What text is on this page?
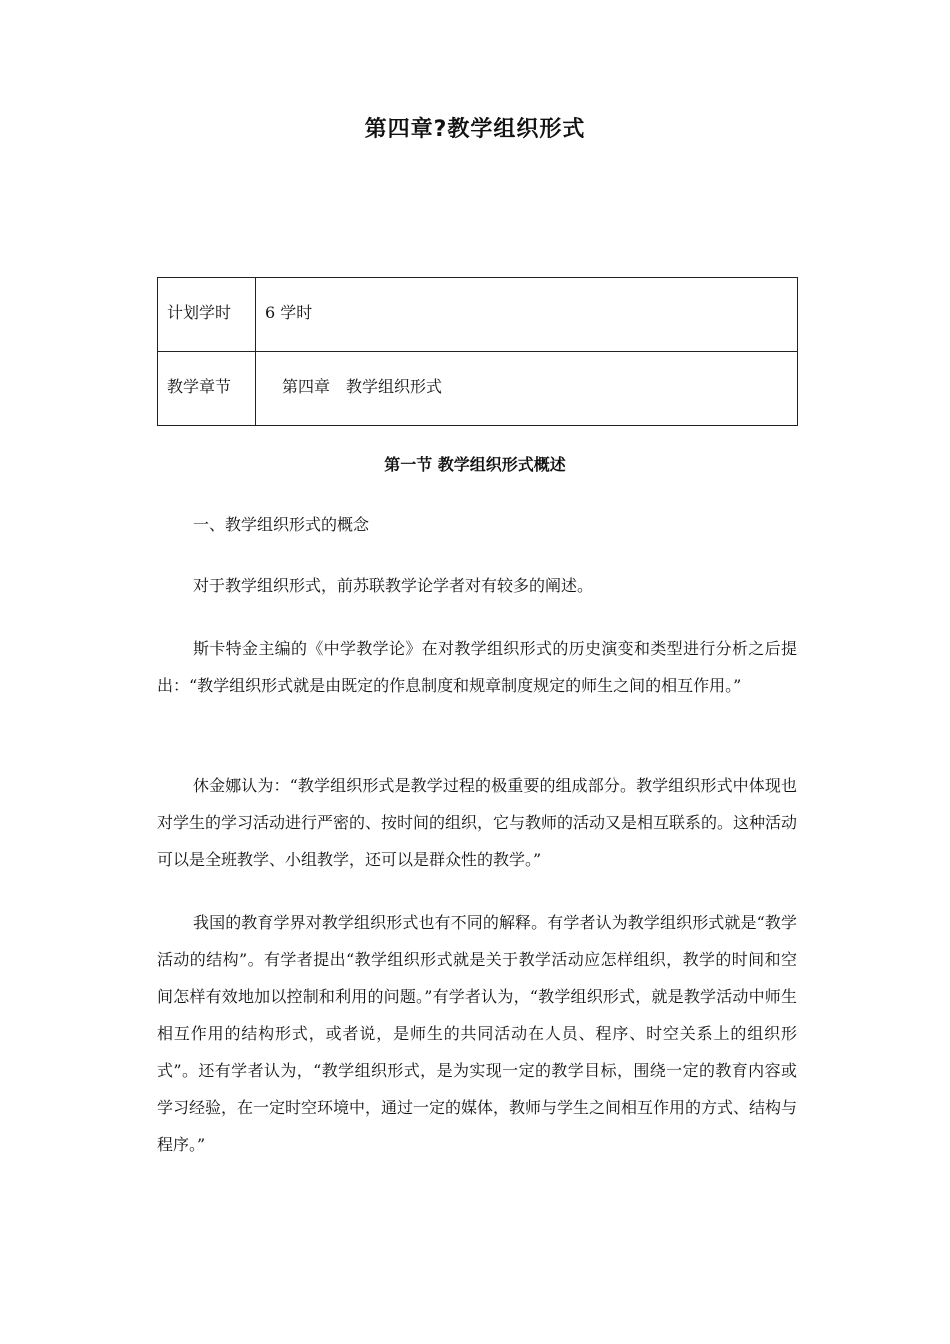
第四章?教学组织形式
计划学时	6 学时
教学章节	第四章　教学组织形式
第一节 教学组织形式概述

一、教学组织形式的概念

对于教学组织形式，前苏联教学论学者对有较多的阐述。

斯卡特金主编的《中学教学论》在对教学组织形式的历史演变和类型进行分析之后提出：“教学组织形式就是由既定的作息制度和规章制度规定的师生之间的相互作用。”

休金娜认为：“教学组织形式是教学过程的极重要的组成部分。教学组织形式中体现也对学生的学习活动进行严密的、按时间的组织，它与教师的活动又是相互联系的。这种活动可以是全班教学、小组教学，还可以是群众性的教学。”

我国的教育学界对教学组织形式也有不同的解释。有学者认为教学组织形式就是“教学活动的结构”。有学者提出“教学组织形式就是关于教学活动应怎样组织，教学的时间和空间怎样有效地加以控制和利用的问题。”有学者认为，“教学组织形式，就是教学活动中师生相互作用的结构形式，或者说，是师生的共同活动在人员、程序、时空关系上的组织形式”。还有学者认为，“教学组织形式，是为实现一定的教学目标，围绕一定的教育内容或学习经验，在一定时空环境中，通过一定的媒体，教师与学生之间相互作用的方式、结构与程序。”
